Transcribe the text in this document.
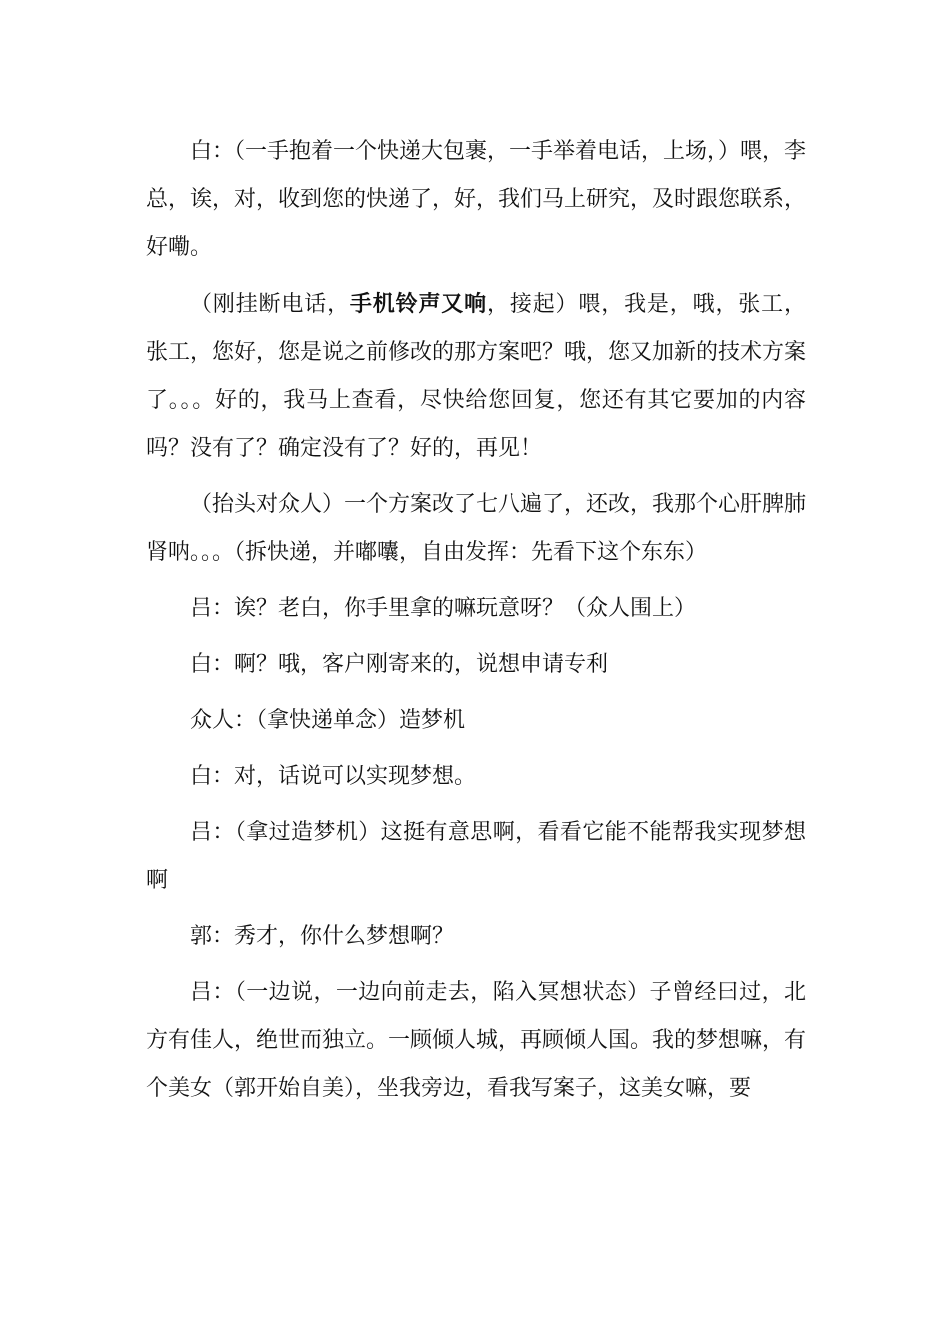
白：（一手抱着一个快递大包裹，一手举着电话，上场，）喂，李总，诶，对，收到您的快递了，好，我们马上研究，及时跟您联系，好嘞。

（刚挂断电话，手机铃声又响，接起）喂，我是，哦，张工，张工，您好，您是说之前修改的那方案吧？哦，您又加新的技术方案了。。。好的，我马上查看，尽快给您回复，您还有其它要加的内容吗？没有了？确定没有了？好的，再见！

（抬头对众人）一个方案改了七八遍了，还改，我那个心肝脾肺肾呐。。。（拆快递，并嘟囔，自由发挥：先看下这个东东）

吕：诶？老白，你手里拿的嘛玩意呀？（众人围上）

白：啊？哦，客户刚寄来的，说想申请专利

众人：（拿快递单念）造梦机

白：对，话说可以实现梦想。

吕：（拿过造梦机）这挺有意思啊，看看它能不能帮我实现梦想啊

郭：秀才，你什么梦想啊？

吕：（一边说，一边向前走去，陷入冥想状态）子曾经曰过，北方有佳人，绝世而独立。一顾倾人城，再顾倾人国。我的梦想嘛，有个美女（郭开始自美），坐我旁边，看我写案子，这美女嘛，要
